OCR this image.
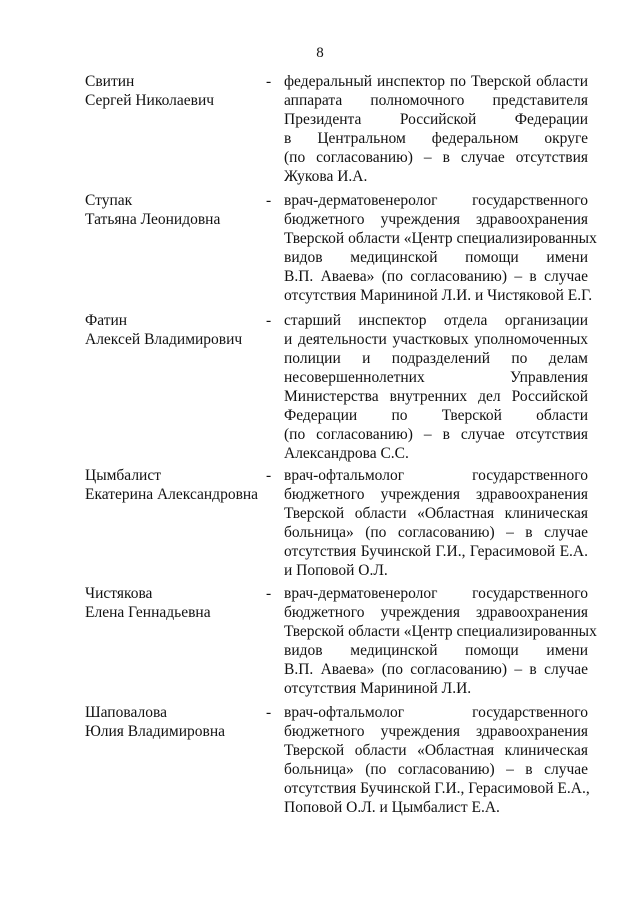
8
Свитин
Сергей Николаевич
- федеральный инспектор по Тверской области
аппарата полномочного представителя
Президента Российской Федерации
в Центральном федеральном округе
(по согласованию) – в случае отсутствия
Жукова И.А.
Ступак
Татьяна Леонидовна
- врач-дерматовенеролог государственного
бюджетного учреждения здравоохранения
Тверской области «Центр специализированных
видов медицинской помощи имени
В.П. Аваева» (по согласованию) – в случае
отсутствия Марининой Л.И. и Чистяковой Е.Г.
Фатин
Алексей Владимирович
- старший инспектор отдела организации
и деятельности участковых уполномоченных
полиции и подразделений по делам
несовершеннолетних Управления
Министерства внутренних дел Российской
Федерации по Тверской области
(по согласованию) – в случае отсутствия
Александрова С.С.
Цымбалист
Екатерина Александровна
- врач-офтальмолог государственного
бюджетного учреждения здравоохранения
Тверской области «Областная клиническая
больница» (по согласованию) – в случае
отсутствия Бучинской Г.И., Герасимовой Е.А.
и Поповой О.Л.
Чистякова
Елена Геннадьевна
- врач-дерматовенеролог государственного
бюджетного учреждения здравоохранения
Тверской области «Центр специализированных
видов медицинской помощи имени
В.П. Аваева» (по согласованию) – в случае
отсутствия Марининой Л.И.
Шаповалова
Юлия Владимировна
- врач-офтальмолог государственного
бюджетного учреждения здравоохранения
Тверской области «Областная клиническая
больница» (по согласованию) – в случае
отсутствия Бучинской Г.И., Герасимовой Е.А.,
Поповой О.Л. и Цымбалист Е.А.
